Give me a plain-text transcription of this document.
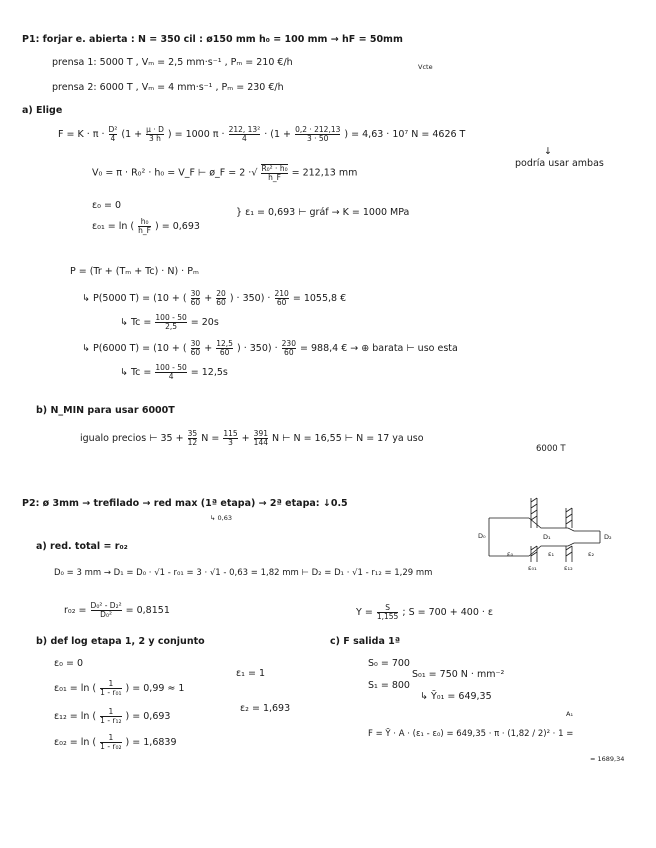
P1: forjar e. abierta : N = 350 cil : ø150 mm h₀ = 100 mm → hF = 50mm
prensa 1: 5000 T , Vₘ = 2,5 mm·s⁻¹ , Pₘ = 210 €/h	Vcte
prensa 2: 6000 T , Vₘ = 4 mm·s⁻¹ , Pₘ = 230 €/h
a) Elige
$F = K \cdot \pi \cdot \frac{\text{D²}}{4} (1 + \frac{\mu \cdot D}{3 h}$ ) = 1000 $\pi \cdot \frac{\text{212, 13²}}{4} \cdot (1 + \frac{0,2 \cdot 212,13}{3 \cdot 50}$ ) = 4,63 · 10⁷ N = 4626 T
↓
podría usar ambas
V₀ = π · R₀² · h₀ = V_F ⊢ ø_F = 2 ·√ $\frac{\text{R₀² · h₀}}{h\_F} = 212,13$ mm
ε₀ = 0
ε₀₁ = ln ( $\frac{\text{h₀}}{h\_F}$ ) = 0,693
} ε₁ = 0,693 ⊢ gráf → K = 1000 MPa
P = (Tr + (Tₘ + Tc) · N) · Pₘ
↳ P(5000 T) = (10 + ( $\frac{30}{60} + \frac{20}{60}$ ) · $350) \cdot \frac{210}{60} = 1055,8$ €
↳ $Tc = \frac{100 - 50}{2,5} = 20s$
↳ P(6000 T) = (10 + ( $\frac{30}{60} + \frac{12,5}{60}$ ) · $350) \cdot \frac{230}{60} = 988,4$ € → ⊕ barata ⊢ uso esta
↳ $Tc = \frac{100 - 50}{4} = 12,5s$
b) N_MIN para usar 6000T
igualo precios ⊢ $35 + \frac{35}{12}$ $N = \frac{115}{3} + \frac{391}{144}$ N ⊢ N = 16,55 ⊢ N = 17 ya uso
6000 T
P2: ø 3mm → trefilado → red max (1ª etapa) → 2ª etapa: ↓0.5
↳ 0,63
D₀	D₁	D₂
ε₀	ε₁	ε₂
ε₀₁	ε₁₂
a) red. total = r₀₂
D₀ = 3 mm → D₁ = D₀ · √1 - r₀₁ = 3 · √1 - 0,63 = 1,82 mm ⊢ D₂ = D₁ · √1 - r₁₂ = 1,29 mm
$r_{02} = \frac{\text{D₀² - D₂²}}{\text{D₀²}} = 0,8151$	$Y = \frac{S}{1,155}$ ; S = 700 + 400 · ε
b) def log etapa 1, 2 y conjunto
ε₀ = 0
ε₀₁ = ln ( $\frac{1}{\text{1 - r₀₁}}$ ) = 0,99 ≈ 1
ε₁ = 1
ε₁₂ = ln ( $\frac{1}{\text{1 - r₁₂}}$ ) = 0,693
ε₂ = 1,693
ε₀₂ = ln ( $\frac{1}{\text{1 - r₀₂}}$ ) = 1,6839
c) F salida 1ª
S₀ = 700
S₁ = 800
S₀₁ = 750 N · mm⁻²
↳ Ȳ₀₁ = 649,35
A₁
F = Ȳ · A · (ε₁ - ε₀) = 649,35 · π · (1,82 / 2)² · 1 =
= 1689,34
